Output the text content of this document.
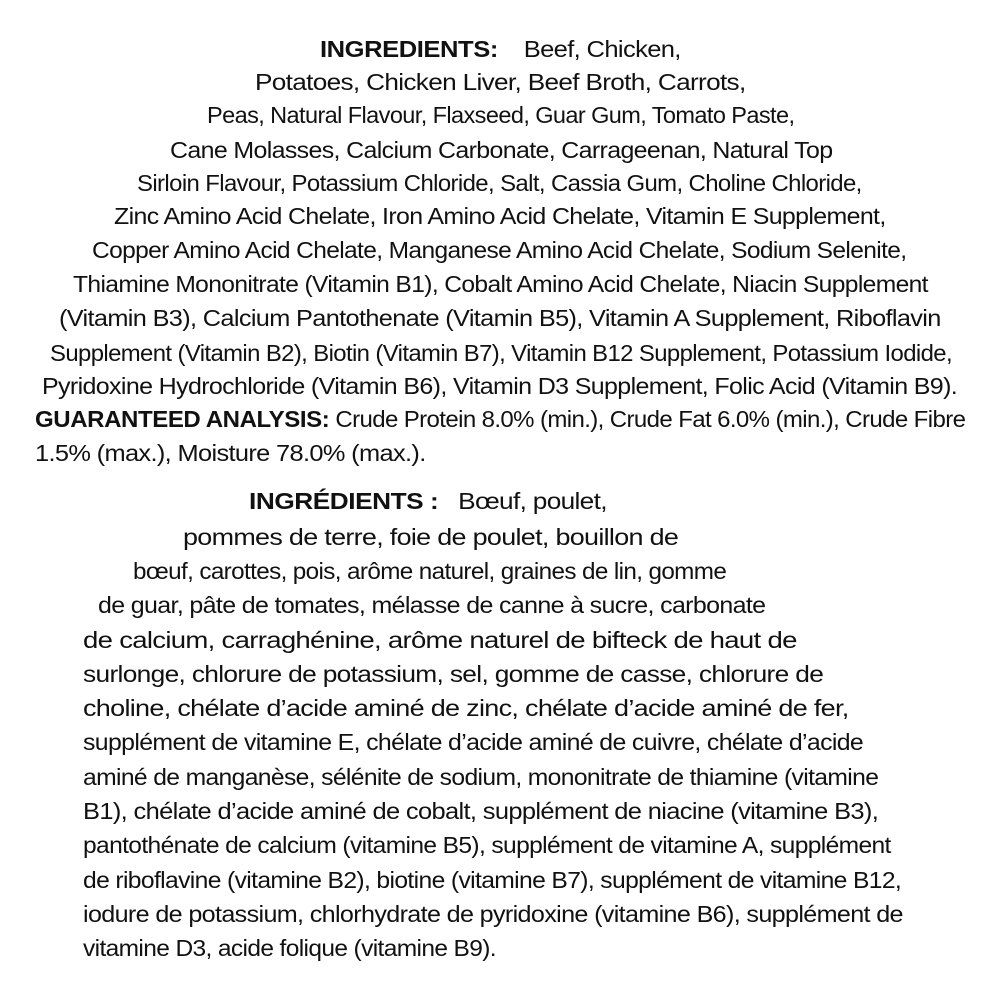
INGREDIENTS: Beef, Chicken,
Potatoes, Chicken Liver, Beef Broth, Carrots,
Peas, Natural Flavour, Flaxseed, Guar Gum, Tomato Paste,
Cane Molasses, Calcium Carbonate, Carrageenan, Natural Top
Sirloin Flavour, Potassium Chloride, Salt, Cassia Gum, Choline Chloride,
Zinc Amino Acid Chelate, Iron Amino Acid Chelate, Vitamin E Supplement,
Copper Amino Acid Chelate, Manganese Amino Acid Chelate, Sodium Selenite,
Thiamine Mononitrate (Vitamin B1), Cobalt Amino Acid Chelate, Niacin Supplement
(Vitamin B3), Calcium Pantothenate (Vitamin B5), Vitamin A Supplement, Riboflavin
Supplement (Vitamin B2), Biotin (Vitamin B7), Vitamin B12 Supplement, Potassium Iodide,
Pyridoxine Hydrochloride (Vitamin B6), Vitamin D3 Supplement, Folic Acid (Vitamin B9).
GUARANTEED ANALYSIS: Crude Protein 8.0% (min.), Crude Fat 6.0% (min.), Crude Fibre
1.5% (max.), Moisture 78.0% (max.).
INGRÉDIENTS : Bœuf, poulet,
pommes de terre, foie de poulet, bouillon de
bœuf, carottes, pois, arôme naturel, graines de lin, gomme
de guar, pâte de tomates, mélasse de canne à sucre, carbonate
de calcium, carraghénine, arôme naturel de bifteck de haut de
surlonge, chlorure de potassium, sel, gomme de casse, chlorure de
choline, chélate d’acide aminé de zinc, chélate d’acide aminé de fer,
supplément de vitamine E, chélate d’acide aminé de cuivre, chélate d’acide
aminé de manganèse, sélénite de sodium, mononitrate de thiamine (vitamine
B1), chélate d’acide aminé de cobalt, supplément de niacine (vitamine B3),
pantothénate de calcium (vitamine B5), supplément de vitamine A, supplément
de riboflavine (vitamine B2), biotine (vitamine B7), supplément de vitamine B12,
iodure de potassium, chlorhydrate de pyridoxine (vitamine B6), supplément de
vitamine D3, acide folique (vitamine B9).
